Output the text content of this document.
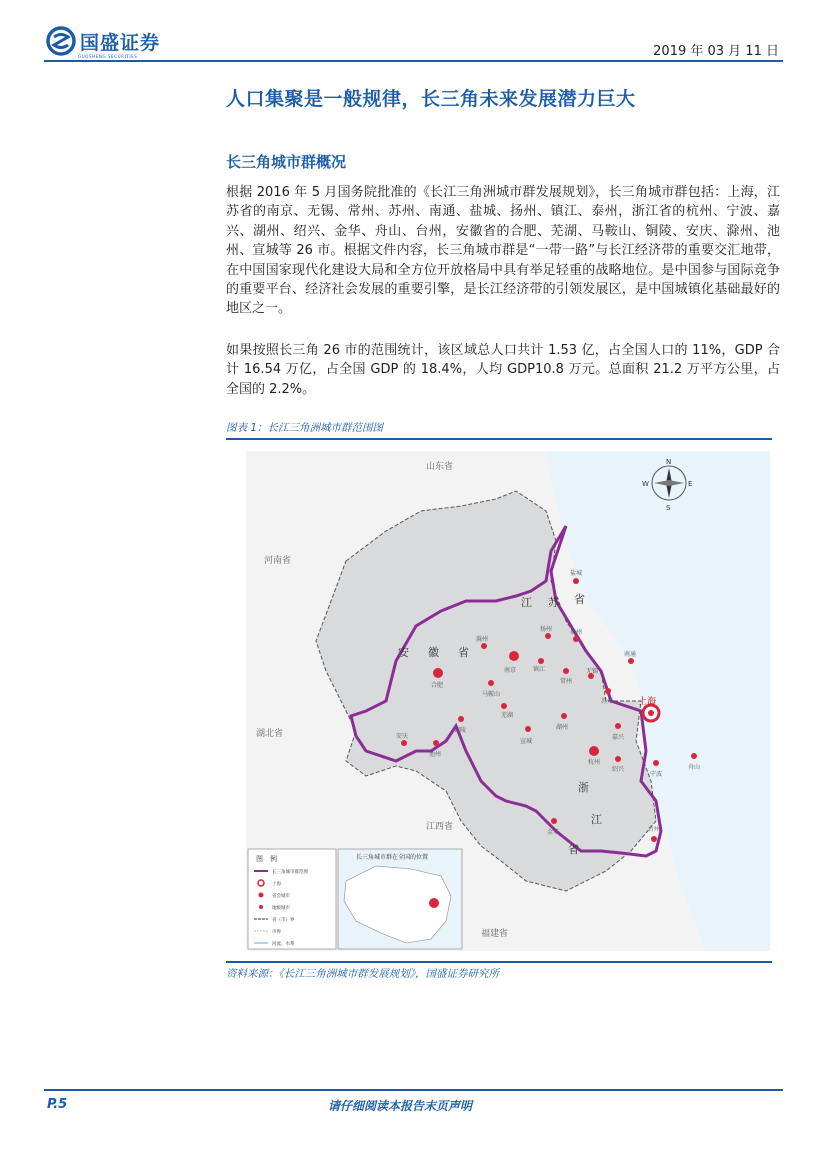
国盛证券
GUOSHENG SECURITIES	2019 年 03 月 11 日
人口集聚是一般规律，长三角未来发展潜力巨大
长三角城市群概况
根据 2016 年 5 月国务院批准的《长江三角洲城市群发展规划》，长三角城市群包括：上海，江苏省的南京、无锡、常州、苏州、南通、盐城、扬州、镇江、泰州，浙江省的杭州、宁波、嘉兴、湖州、绍兴、金华、舟山、台州，安徽省的合肥、芜湖、马鞍山、铜陵、安庆、滁州、池州、宣城等 26 市。根据文件内容，长三角城市群是“一带一路”与长江经济带的重要交汇地带，在中国国家现代化建设大局和全方位开放格局中具有举足轻重的战略地位。是中国参与国际竞争的重要平台、经济社会发展的重要引擎，是长江经济带的引领发展区，是中国城镇化基础最好的地区之一。
如果按照长三角 26 市的范围统计，该区域总人口共计 1.53 亿，占全国人口的 11%，GDP 合计 16.54 万亿，占全国 GDP 的 18.4%，人均 GDP10.8 万元。总面积 21.2 万平方公里，占全国的 2.2%。
图表 1：长江三角洲城市群范围图
山东省
河南省
湖北省
江西省
福建省
江 苏 省
安 徽 省
浙
江
省
上海
南京
合肥
杭州
盐城
扬州	泰州
南通
镇江
常州
无锡
苏州
滁州
马鞍山
芜湖
铜陵
安庆
池州
宣城
湖州
嘉兴
绍兴
宁波
舟山
金华	台州
N
S
E
W
图　例
长三角城市群范围
上海
省会城市
地级城市
省（市）界
市界
河流、水系
长三角城市群在全国的位置
资料来源：《长江三角洲城市群发展规划》，国盛证券研究所
P.5	请仔细阅读本报告末页声明
